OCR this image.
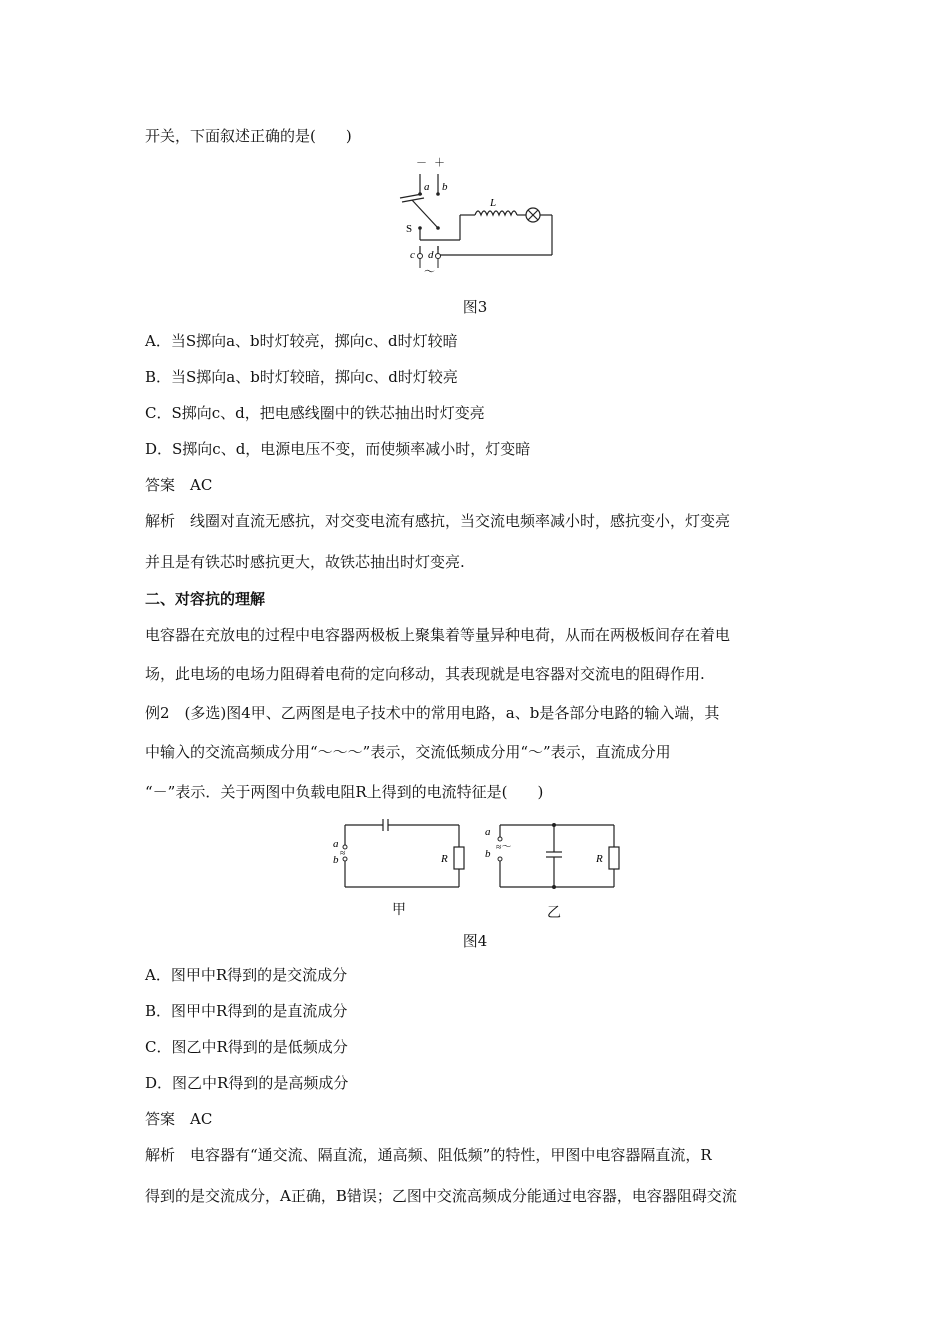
开关，下面叙述正确的是(　　)
－ ＋
a b
L
S
c d
～
图3
A．当S掷向a、b时灯较亮，掷向c、d时灯较暗
B．当S掷向a、b时灯较暗，掷向c、d时灯较亮
C．S掷向c、d，把电感线圈中的铁芯抽出时灯变亮
D．S掷向c、d，电源电压不变，而使频率减小时，灯变暗
答案　AC
解析　线圈对直流无感抗，对交变电流有感抗，当交流电频率减小时，感抗变小，灯变亮
并且是有铁芯时感抗更大，故铁芯抽出时灯变亮.
二、对容抗的理解
电容器在充放电的过程中电容器两极板上聚集着等量异种电荷，从而在两极板间存在着电
场，此电场的电场力阻碍着电荷的定向移动，其表现就是电容器对交流电的阻碍作用.
例2　(多选)图4甲、乙两图是电子技术中的常用电路，a、b是各部分电路的输入端，其
中输入的交流高频成分用“～～～”表示，交流低频成分用“～”表示，直流成分用
“－”表示．关于两图中负载电阻R上得到的电流特征是(　　)
a
b
≈	R
a
b
≈～
R
甲	乙
图4
A．图甲中R得到的是交流成分
B．图甲中R得到的是直流成分
C．图乙中R得到的是低频成分
D．图乙中R得到的是高频成分
答案　AC
解析　电容器有“通交流、隔直流，通高频、阻低频”的特性，甲图中电容器隔直流，R
得到的是交流成分，A正确，B错误；乙图中交流高频成分能通过电容器，电容器阻碍交流
